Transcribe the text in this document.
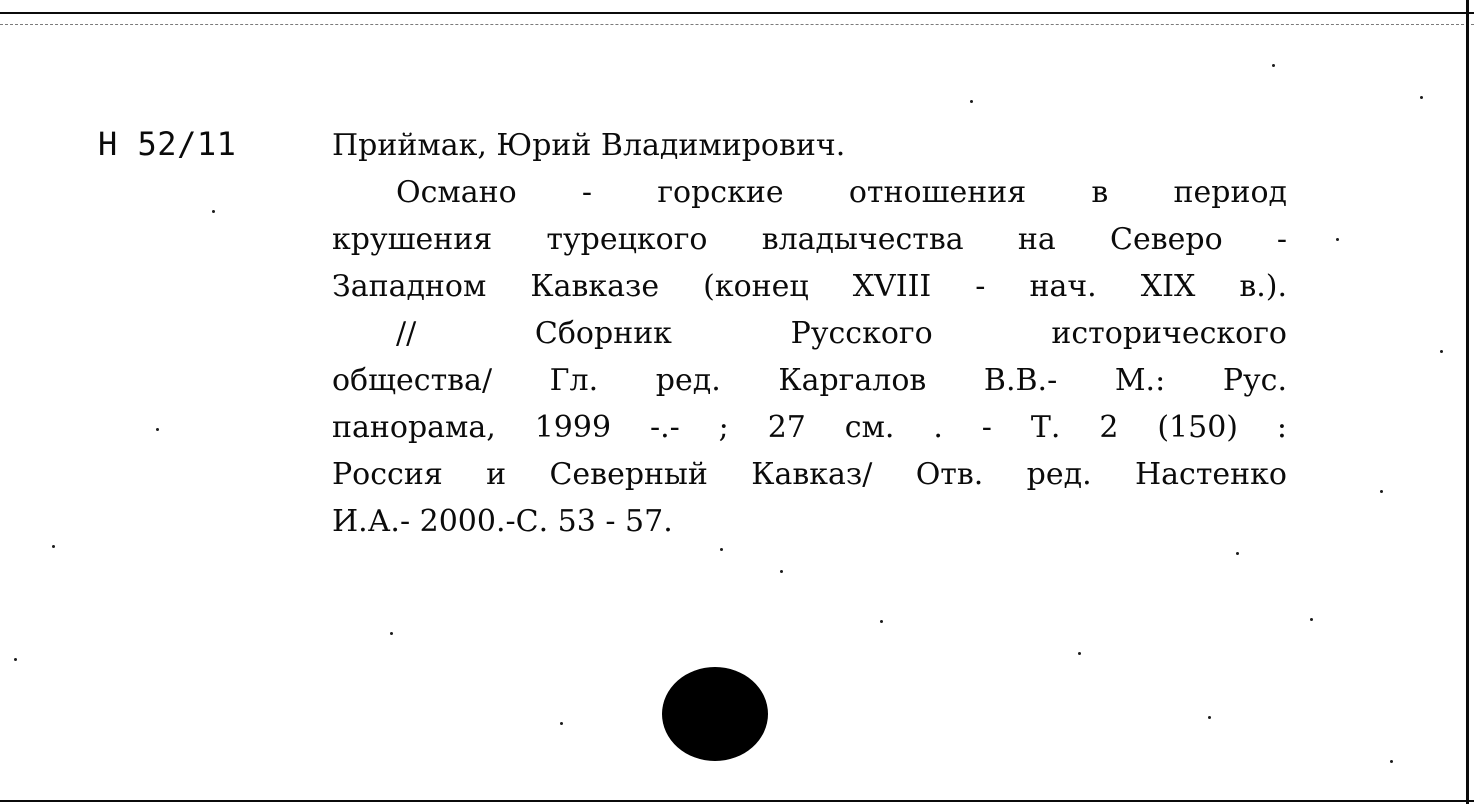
Н 52/11	Приймак, Юрий Владимирович.
Османо - горские отношения в период
крушения турецкого владычества на Северо -
Западном Кавказе (конец XVIII - нач. XIX в.).
// Сборник Русского исторического
общества/ Гл. ред. Каргалов В.В.- М.: Рус.
панорама, 1999 -.- ; 27 см. . - Т. 2 (150) :
Россия и Северный Кавказ/ Отв. ред. Настенко
И.А.- 2000.-С. 53 - 57.
